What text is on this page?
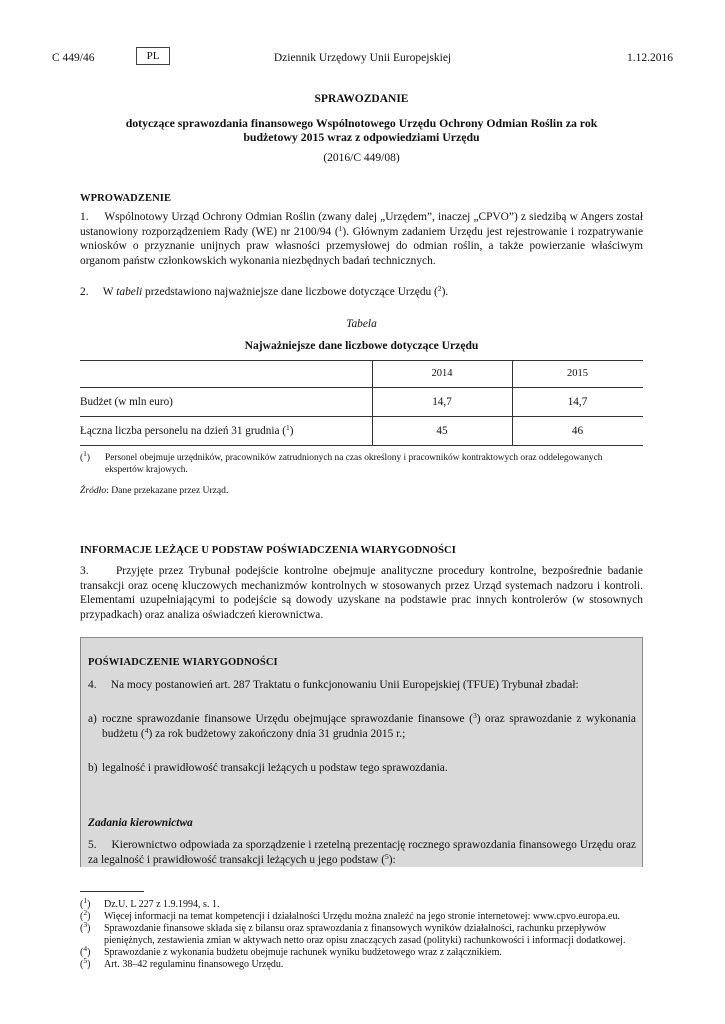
C 449/46	PL	Dziennik Urzędowy Unii Europejskiej	1.12.2016
SPRAWOZDANIE
dotyczące sprawozdania finansowego Wspólnotowego Urzędu Ochrony Odmian Roślin za rok
budżetowy 2015 wraz z odpowiedziami Urzędu
(2016/C 449/08)
WPROWADZENIE
1. Wspólnotowy Urząd Ochrony Odmian Roślin (zwany dalej „Urzędem”, inaczej „CPVO”) z siedzibą w Angers został ustanowiony rozporządzeniem Rady (WE) nr 2100/94 ($^1$). Głównym zadaniem Urzędu jest rejestrowanie i rozpatrywanie wniosków o przyznanie unijnych praw własności przemysłowej do odmian roślin, a także powierzanie właściwym organom państw członkowskich wykonania niezbędnych badań technicznych.
2. W tabeli przedstawiono najważniejsze dane liczbowe dotyczące Urzędu ($^2$).
Tabela
Najważniejsze dane liczbowe dotyczące Urzędu
2014	2015
Budżet (w mln euro)	14,7	14,7
Łączna liczba personelu na dzień 31 grudnia ($^1$)	45	46
($^1$) Personel obejmuje urzędników, pracowników zatrudnionych na czas określony i pracowników kontraktowych oraz oddelegowanych ekspertów krajowych.
Źródło: Dane przekazane przez Urząd.
INFORMACJE LEŻĄCE U PODSTAW POŚWIADCZENIA WIARYGODNOŚCI
3. Przyjęte przez Trybunał podejście kontrolne obejmuje analityczne procedury kontrolne, bezpośrednie badanie transakcji oraz ocenę kluczowych mechanizmów kontrolnych w stosowanych przez Urząd systemach nadzoru i kontroli. Elementami uzupełniającymi to podejście są dowody uzyskane na podstawie prac innych kontrolerów (w stosownych przypadkach) oraz analiza oświadczeń kierownictwa.
POŚWIADCZENIE WIARYGODNOŚCI
4. Na mocy postanowień art. 287 Traktatu o funkcjonowaniu Unii Europejskiej (TFUE) Trybunał zbadał:
a) roczne sprawozdanie finansowe Urzędu obejmujące sprawozdanie finansowe ($^3$) oraz sprawozdanie z wykonania budżetu ($^4$) za rok budżetowy zakończony dnia 31 grudnia 2015 r.;
b) legalność i prawidłowość transakcji leżących u podstaw tego sprawozdania.
Zadania kierownictwa
5. Kierownictwo odpowiada za sporządzenie i rzetelną prezentację rocznego sprawozdania finansowego Urzędu oraz za legalność i prawidłowość transakcji leżących u jego podstaw ($^5$):
($^1$)	Dz.U. L 227 z 1.9.1994, s. 1.
($^2$)	Więcej informacji na temat kompetencji i działalności Urzędu można znaleźć na jego stronie internetowej: www.cpvo.europa.eu.
($^3$)	Sprawozdanie finansowe składa się z bilansu oraz sprawozdania z finansowych wyników działalności, rachunku przepływów pieniężnych, zestawienia zmian w aktywach netto oraz opisu znaczących zasad (polityki) rachunkowości i informacji dodatkowej.
($^4$)	Sprawozdanie z wykonania budżetu obejmuje rachunek wyniku budżetowego wraz z załącznikiem.
($^5$)	Art. 38–42 regulaminu finansowego Urzędu.
